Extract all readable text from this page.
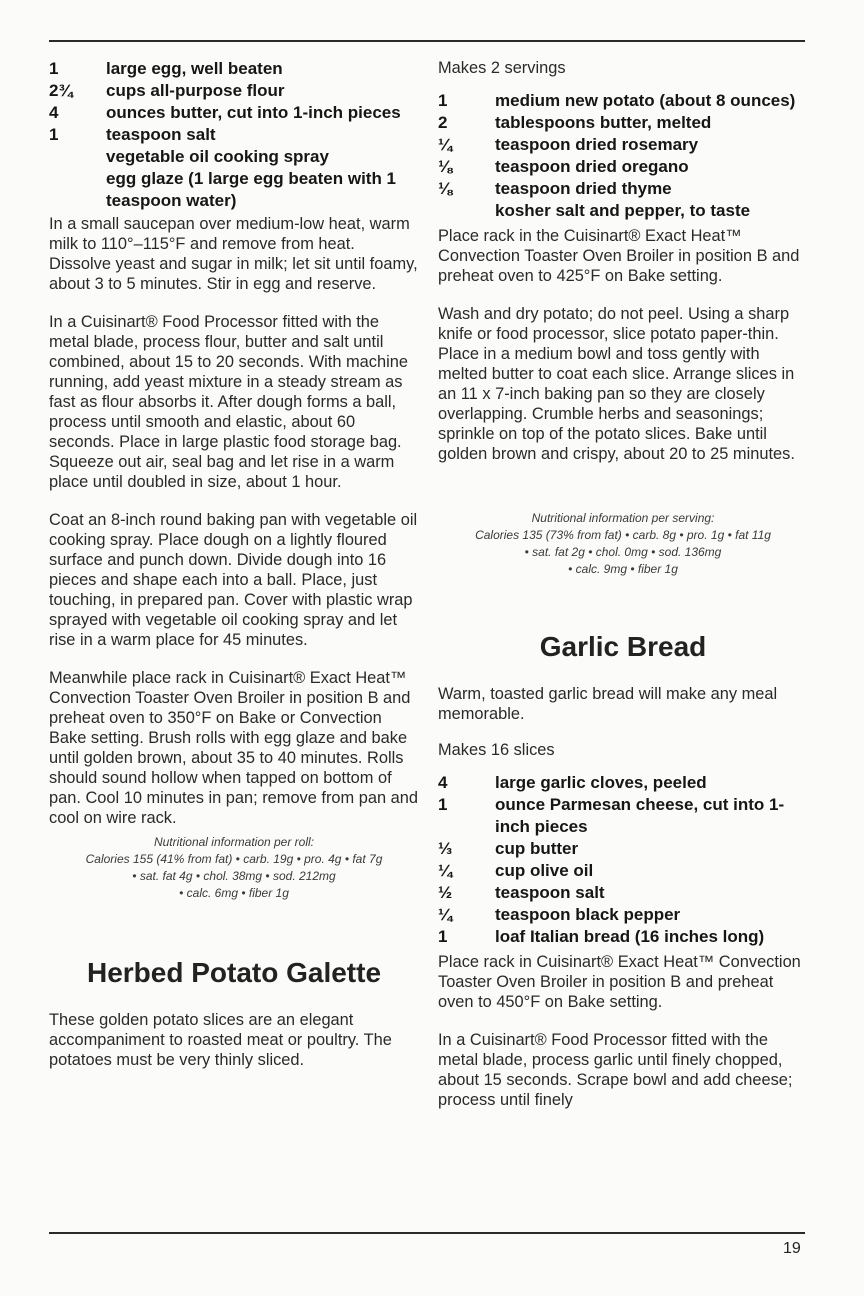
1	large egg, well beaten
2¾	cups all-purpose flour
4	ounces butter, cut into 1-inch pieces
1	teaspoon salt
vegetable oil cooking spray
egg glaze (1 large egg beaten with 1 teaspoon water)

In a small saucepan over medium-low heat, warm milk to 110°–115°F and remove from heat. Dissolve yeast and sugar in milk; let sit until foamy, about 3 to 5 minutes. Stir in egg and reserve.

In a Cuisinart® Food Processor fitted with the metal blade, process flour, butter and salt until combined, about 15 to 20 seconds. With machine running, add yeast mixture in a steady stream as fast as flour absorbs it. After dough forms a ball, process until smooth and elastic, about 60 seconds. Place in large plastic food storage bag. Squeeze out air, seal bag and let rise in a warm place until doubled in size, about 1 hour.

Coat an 8-inch round baking pan with vegetable oil cooking spray. Place dough on a lightly floured surface and punch down. Divide dough into 16 pieces and shape each into a ball. Place, just touching, in prepared pan. Cover with plastic wrap sprayed with vegetable oil cooking spray and let rise in a warm place for 45 minutes.

Meanwhile place rack in Cuisinart® Exact Heat™ Convection Toaster Oven Broiler in position B and preheat oven to 350°F on Bake or Convection Bake setting. Brush rolls with egg glaze and bake until golden brown, about 35 to 40 minutes. Rolls should sound hollow when tapped on bottom of pan. Cool 10 minutes in pan; remove from pan and cool on wire rack.

Nutritional information per roll:
Calories 155 (41% from fat) • carb. 19g • pro. 4g • fat 7g
• sat. fat 4g • chol. 38mg • sod. 212mg
• calc. 6mg • fiber 1g
Herbed Potato Galette

These golden potato slices are an elegant accompaniment to roasted meat or poultry. The potatoes must be very thinly sliced.

Makes 2 servings

1	medium new potato (about 8 ounces)
2	tablespoons butter, melted
¼	teaspoon dried rosemary
⅛	teaspoon dried oregano
⅛	teaspoon dried thyme
kosher salt and pepper, to taste

Place rack in the Cuisinart® Exact Heat™ Convection Toaster Oven Broiler in position B and preheat oven to 425°F on Bake setting.

Wash and dry potato; do not peel. Using a sharp knife or food processor, slice potato paper-thin. Place in a medium bowl and toss gently with melted butter to coat each slice. Arrange slices in an 11 x 7-inch baking pan so they are closely overlapping. Crumble herbs and seasonings; sprinkle on top of the potato slices. Bake until golden brown and crispy, about 20 to 25 minutes.

Nutritional information per serving:
Calories 135 (73% from fat) • carb. 8g • pro. 1g • fat 11g
• sat. fat 2g • chol. 0mg • sod. 136mg
• calc. 9mg • fiber 1g
Garlic Bread

Warm, toasted garlic bread will make any meal memorable.

Makes 16 slices

4	large garlic cloves, peeled
1	ounce Parmesan cheese, cut into 1-inch pieces
⅓	cup butter
¼	cup olive oil
½	teaspoon salt
¼	teaspoon black pepper
1	loaf Italian bread (16 inches long)

Place rack in Cuisinart® Exact Heat™ Convection Toaster Oven Broiler in position B and preheat oven to 450°F on Bake setting.

In a Cuisinart® Food Processor fitted with the metal blade, process garlic until finely chopped, about 15 seconds. Scrape bowl and add cheese; process until finely

19
